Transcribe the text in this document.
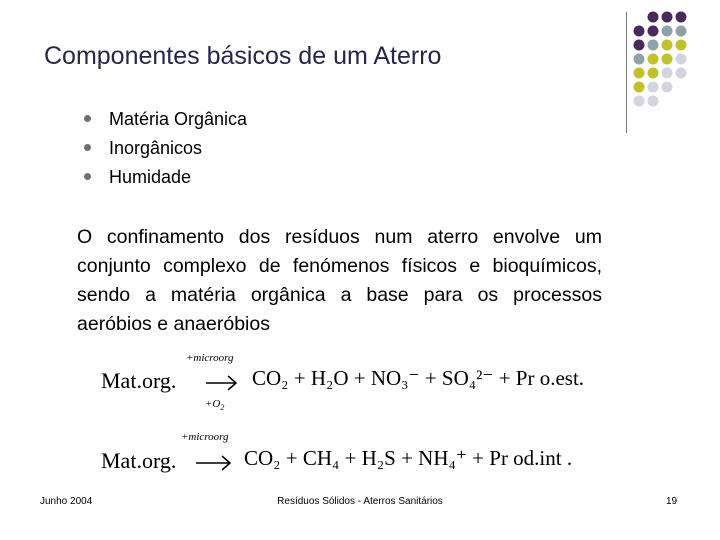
Componentes básicos de um Aterro
Matéria Orgânica
Inorgânicos
Humidade
O confinamento dos resíduos num aterro envolve um conjunto complexo de fenómenos físicos e bioquímicos, sendo a matéria orgânica a base para os processos aeróbios e anaeróbios
+microorg
Mat.org.
$+O_2$
CO₂ + H₂O + NO₃⁻ + SO₄²⁻ + Pr o.est.
+microorg
Mat.org.	CO₂ + CH₄ + H₂S + NH₄⁺ + Pr od.int .
Junho 2004	Resíduos Sólidos - Aterros Sanitários	19
